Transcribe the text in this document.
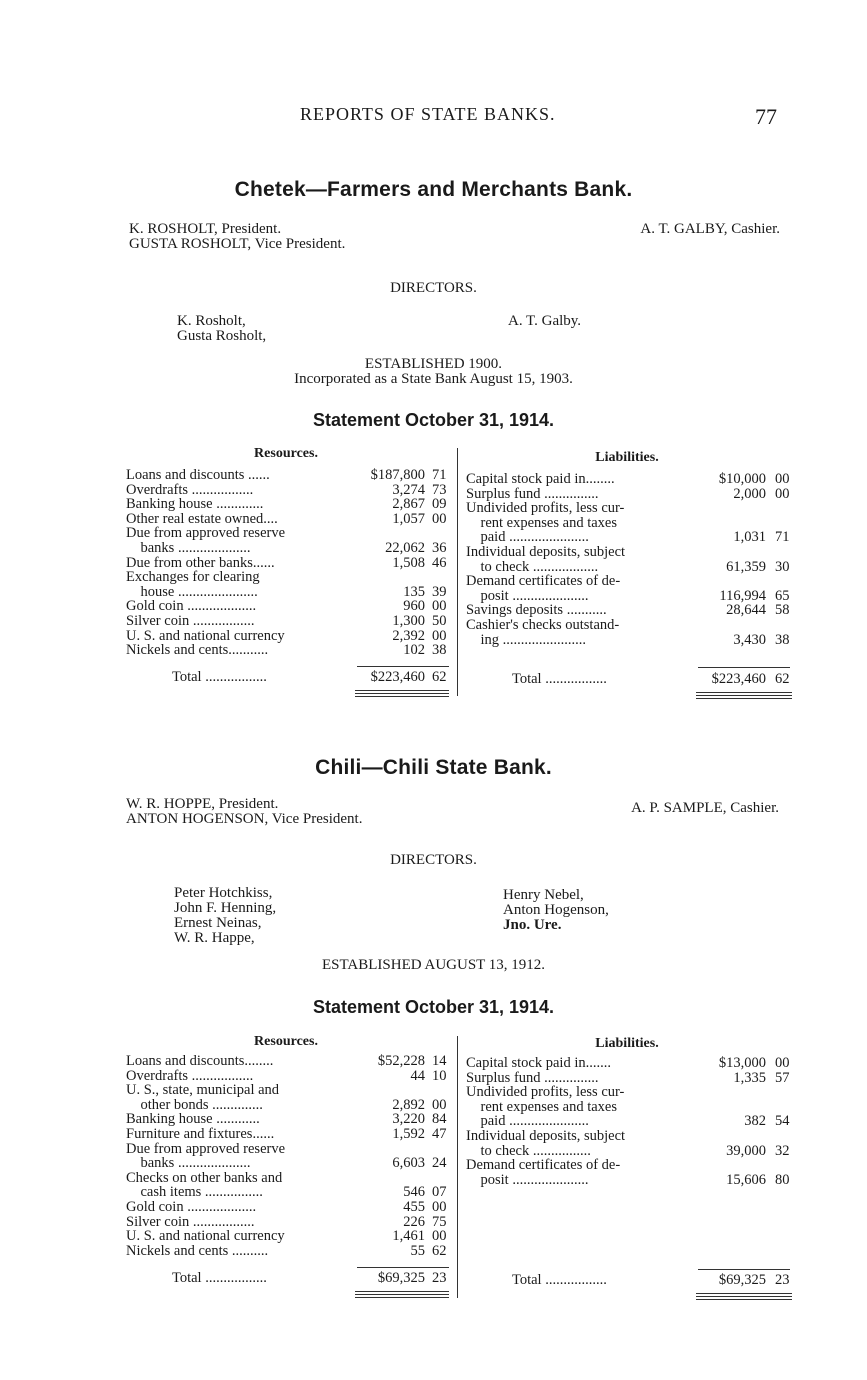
REPORTS OF STATE BANKS.	77
Chetek—Farmers and Merchants Bank.
K. ROSHOLT, President.
GUSTA ROSHOLT, Vice President.
A. T. GALBY, Cashier.
DIRECTORS.
K. Rosholt,
Gusta Rosholt,
A. T. Galby.
ESTABLISHED 1900.
Incorporated as a State Bank August 15, 1903.
Statement October 31, 1914.
Resources.	Liabilities.
Loans and discounts ......	$187,800 71
Overdrafts .................	3,274 73
Banking house .............	2,867 09
Other real estate owned....	1,057 00
Due from approved reserve
  banks ....................	22,062 36
Due from other banks......	1,508 46
Exchanges for clearing
  house ......................	135 39
Gold coin ...................	960 00
Silver coin .................	1,300 50
U. S. and national currency	2,392 00
Nickels and cents...........	102 38
Capital stock paid in........	$10,000 00
Surplus fund ...............	2,000 00
Undivided profits, less cur-
  rent expenses and taxes
  paid ......................	1,031 71
Individual deposits, subject
  to check ..................	61,359 30
Demand certificates of de-
  posit .....................	116,994 65
Savings deposits ...........	28,644 58
Cashier's checks outstand-
  ing .......................	3,430 38
Total .................	$223,460 62	Total .................	$223,460 62
Chili—Chili State Bank.
W. R. HOPPE, President.
ANTON HOGENSON, Vice President.
A. P. SAMPLE, Cashier.
DIRECTORS.
Peter Hotchkiss,
John F. Henning,
Ernest Neinas,
W. R. Happe,
Henry Nebel,
Anton Hogenson,
Jno. Ure.
ESTABLISHED AUGUST 13, 1912.
Statement October 31, 1914.
Resources.	Liabilities.
Loans and discounts........	$52,228 14
Overdrafts .................	44 10
U. S., state, municipal and
  other bonds ..............	2,892 00
Banking house ............	3,220 84
Furniture and fixtures......	1,592 47
Due from approved reserve
  banks ....................	6,603 24
Checks on other banks and
  cash items ................	546 07
Gold coin ...................	455 00
Silver coin .................	226 75
U. S. and national currency	1,461 00
Nickels and cents ..........	55 62
Capital stock paid in.......	$13,000 00
Surplus fund ...............	1,335 57
Undivided profits, less cur-
  rent expenses and taxes
  paid ......................	382 54
Individual deposits, subject
  to check ................	39,000 32
Demand certificates of de-
  posit .....................	15,606 80
Total .................	$69,325 23	Total .................	$69,325 23
